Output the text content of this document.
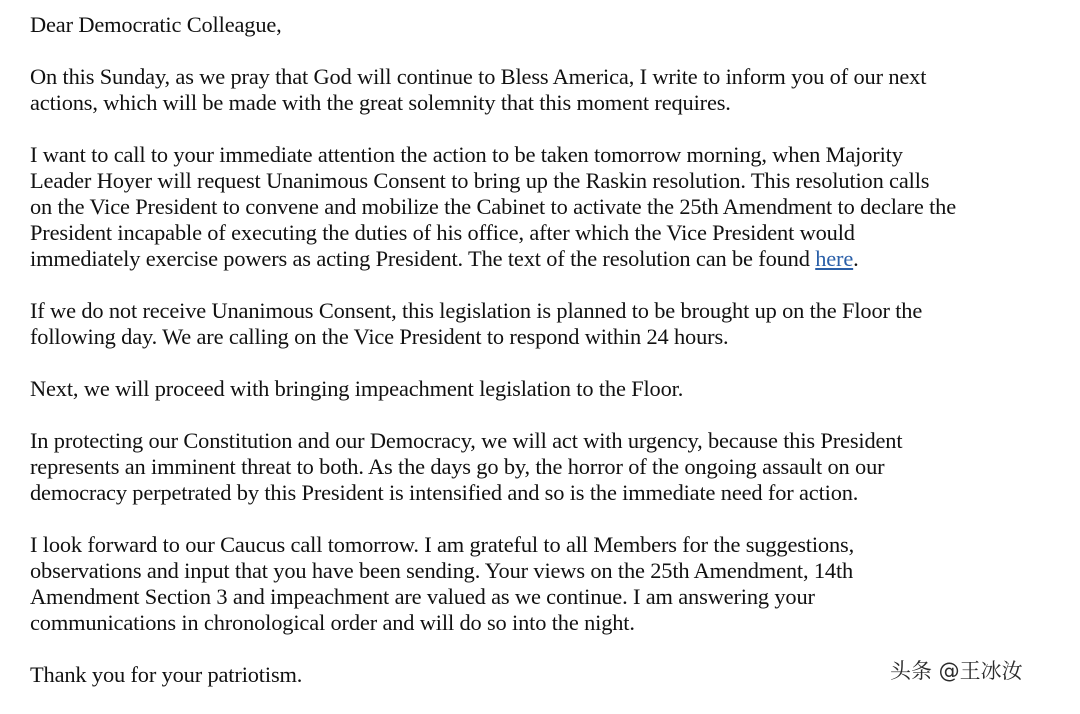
Dear Democratic Colleague,

On this Sunday, as we pray that God will continue to Bless America, I write to inform you of our next
actions, which will be made with the great solemnity that this moment requires.

I want to call to your immediate attention the action to be taken tomorrow morning, when Majority
Leader Hoyer will request Unanimous Consent to bring up the Raskin resolution. This resolution calls
on the Vice President to convene and mobilize the Cabinet to activate the 25th Amendment to declare the
President incapable of executing the duties of his office, after which the Vice President would
immediately exercise powers as acting President. The text of the resolution can be found here.

If we do not receive Unanimous Consent, this legislation is planned to be brought up on the Floor the
following day. We are calling on the Vice President to respond within 24 hours.

Next, we will proceed with bringing impeachment legislation to the Floor.

In protecting our Constitution and our Democracy, we will act with urgency, because this President
represents an imminent threat to both. As the days go by, the horror of the ongoing assault on our
democracy perpetrated by this President is intensified and so is the immediate need for action.

I look forward to our Caucus call tomorrow. I am grateful to all Members for the suggestions,
observations and input that you have been sending. Your views on the 25th Amendment, 14th
Amendment Section 3 and impeachment are valued as we continue. I am answering your
communications in chronological order and will do so into the night.

Thank you for your patriotism.	头条 @王冰汝
